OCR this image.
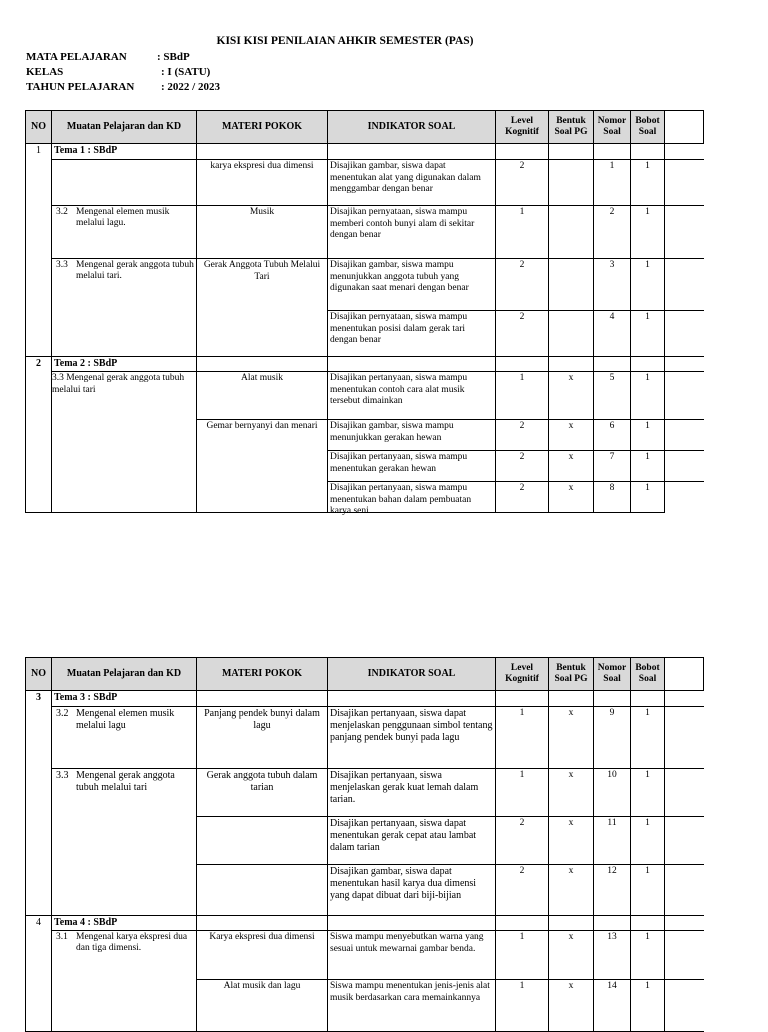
KISI KISI PENILAIAN AHKIR SEMESTER (PAS)
MATA PELAJARAN	: SBdP
KELAS	: I (SATU)
TAHUN PELAJARAN : 2022 / 2023
NO	Muatan Pelajaran dan KD	MATERI POKOK	INDIKATOR SOAL	Level Kognitif	Bentuk Soal PG	Nomor Soal	Bobot Soal	
1	Tema 1 : SBdP							
		karya ekspresi dua dimensi	Disajikan gambar, siswa dapat menentukan alat yang digunakan dalam menggambar dengan benar	2		1	1	
	3.2 Mengenal elemen musik melalui lagu.	Musik	Disajikan pernyataan, siswa mampu memberi contoh bunyi alam di sekitar dengan benar	1		2	1	
	3.3 Mengenal gerak anggota tubuh melalui tari.	Gerak Anggota Tubuh Melalui Tari	Disajikan gambar, siswa mampu menunjukkan anggota tubuh yang digunakan saat menari dengan benar	2		3	1	
			Disajikan pernyataan, siswa mampu menentukan posisi dalam gerak tari dengan benar	2		4	1	
2	Tema 2 : SBdP							
	3.3 Mengenal gerak anggota tubuh melalui tari	Alat musik	Disajikan pertanyaan, siswa mampu menentukan contoh cara alat musik tersebut dimainkan	1	x	5	1	
		Gemar bernyanyi dan menari	Disajikan gambar, siswa mampu menunjukkan gerakan hewan	2	x	6	1	
			Disajikan pertanyaan, siswa mampu menentukan gerakan hewan	2	x	7	1	

			Disajikan pertanyaan, siswa mampu menentukan bahan dalam pembuatan karya seni	2	x	8	1	
NO	Muatan Pelajaran dan KD	MATERI POKOK	INDIKATOR SOAL	Level Kognitif	Bentuk Soal PG	Nomor Soal	Bobot Soal	
3	Tema 3 : SBdP							
	3.2 Mengenal elemen musik melalui lagu	Panjang pendek bunyi dalam lagu	Disajikan pertanyaan, siswa dapat menjelaskan penggunaan simbol tentang panjang pendek bunyi pada lagu	1	x	9	1	
	3.3 Mengenal gerak anggota tubuh melalui tari	Gerak anggota tubuh dalam tarian	Disajikan pertanyaan, siswa menjelaskan gerak kuat lemah dalam tarian.	1	x	10	1	
			Disajikan pertanyaan, siswa dapat menentukan gerak cepat atau lambat dalam tarian	2	x	11	1	

			Disajikan gambar, siswa dapat menentukan hasil karya dua dimensi yang dapat dibuat dari biji-bijian	2	x	12	1	
4	Tema 4 : SBdP							
	3.1 Mengenal karya ekspresi dua dan tiga dimensi.	Karya ekspresi dua dimensi	Siswa mampu menyebutkan warna yang sesuai untuk mewarnai gambar benda.	1	x	13	1	
		Alat musik dan lagu	Siswa mampu menentukan jenis-jenis alat musik berdasarkan cara memainkannya	1	x	14	1	
